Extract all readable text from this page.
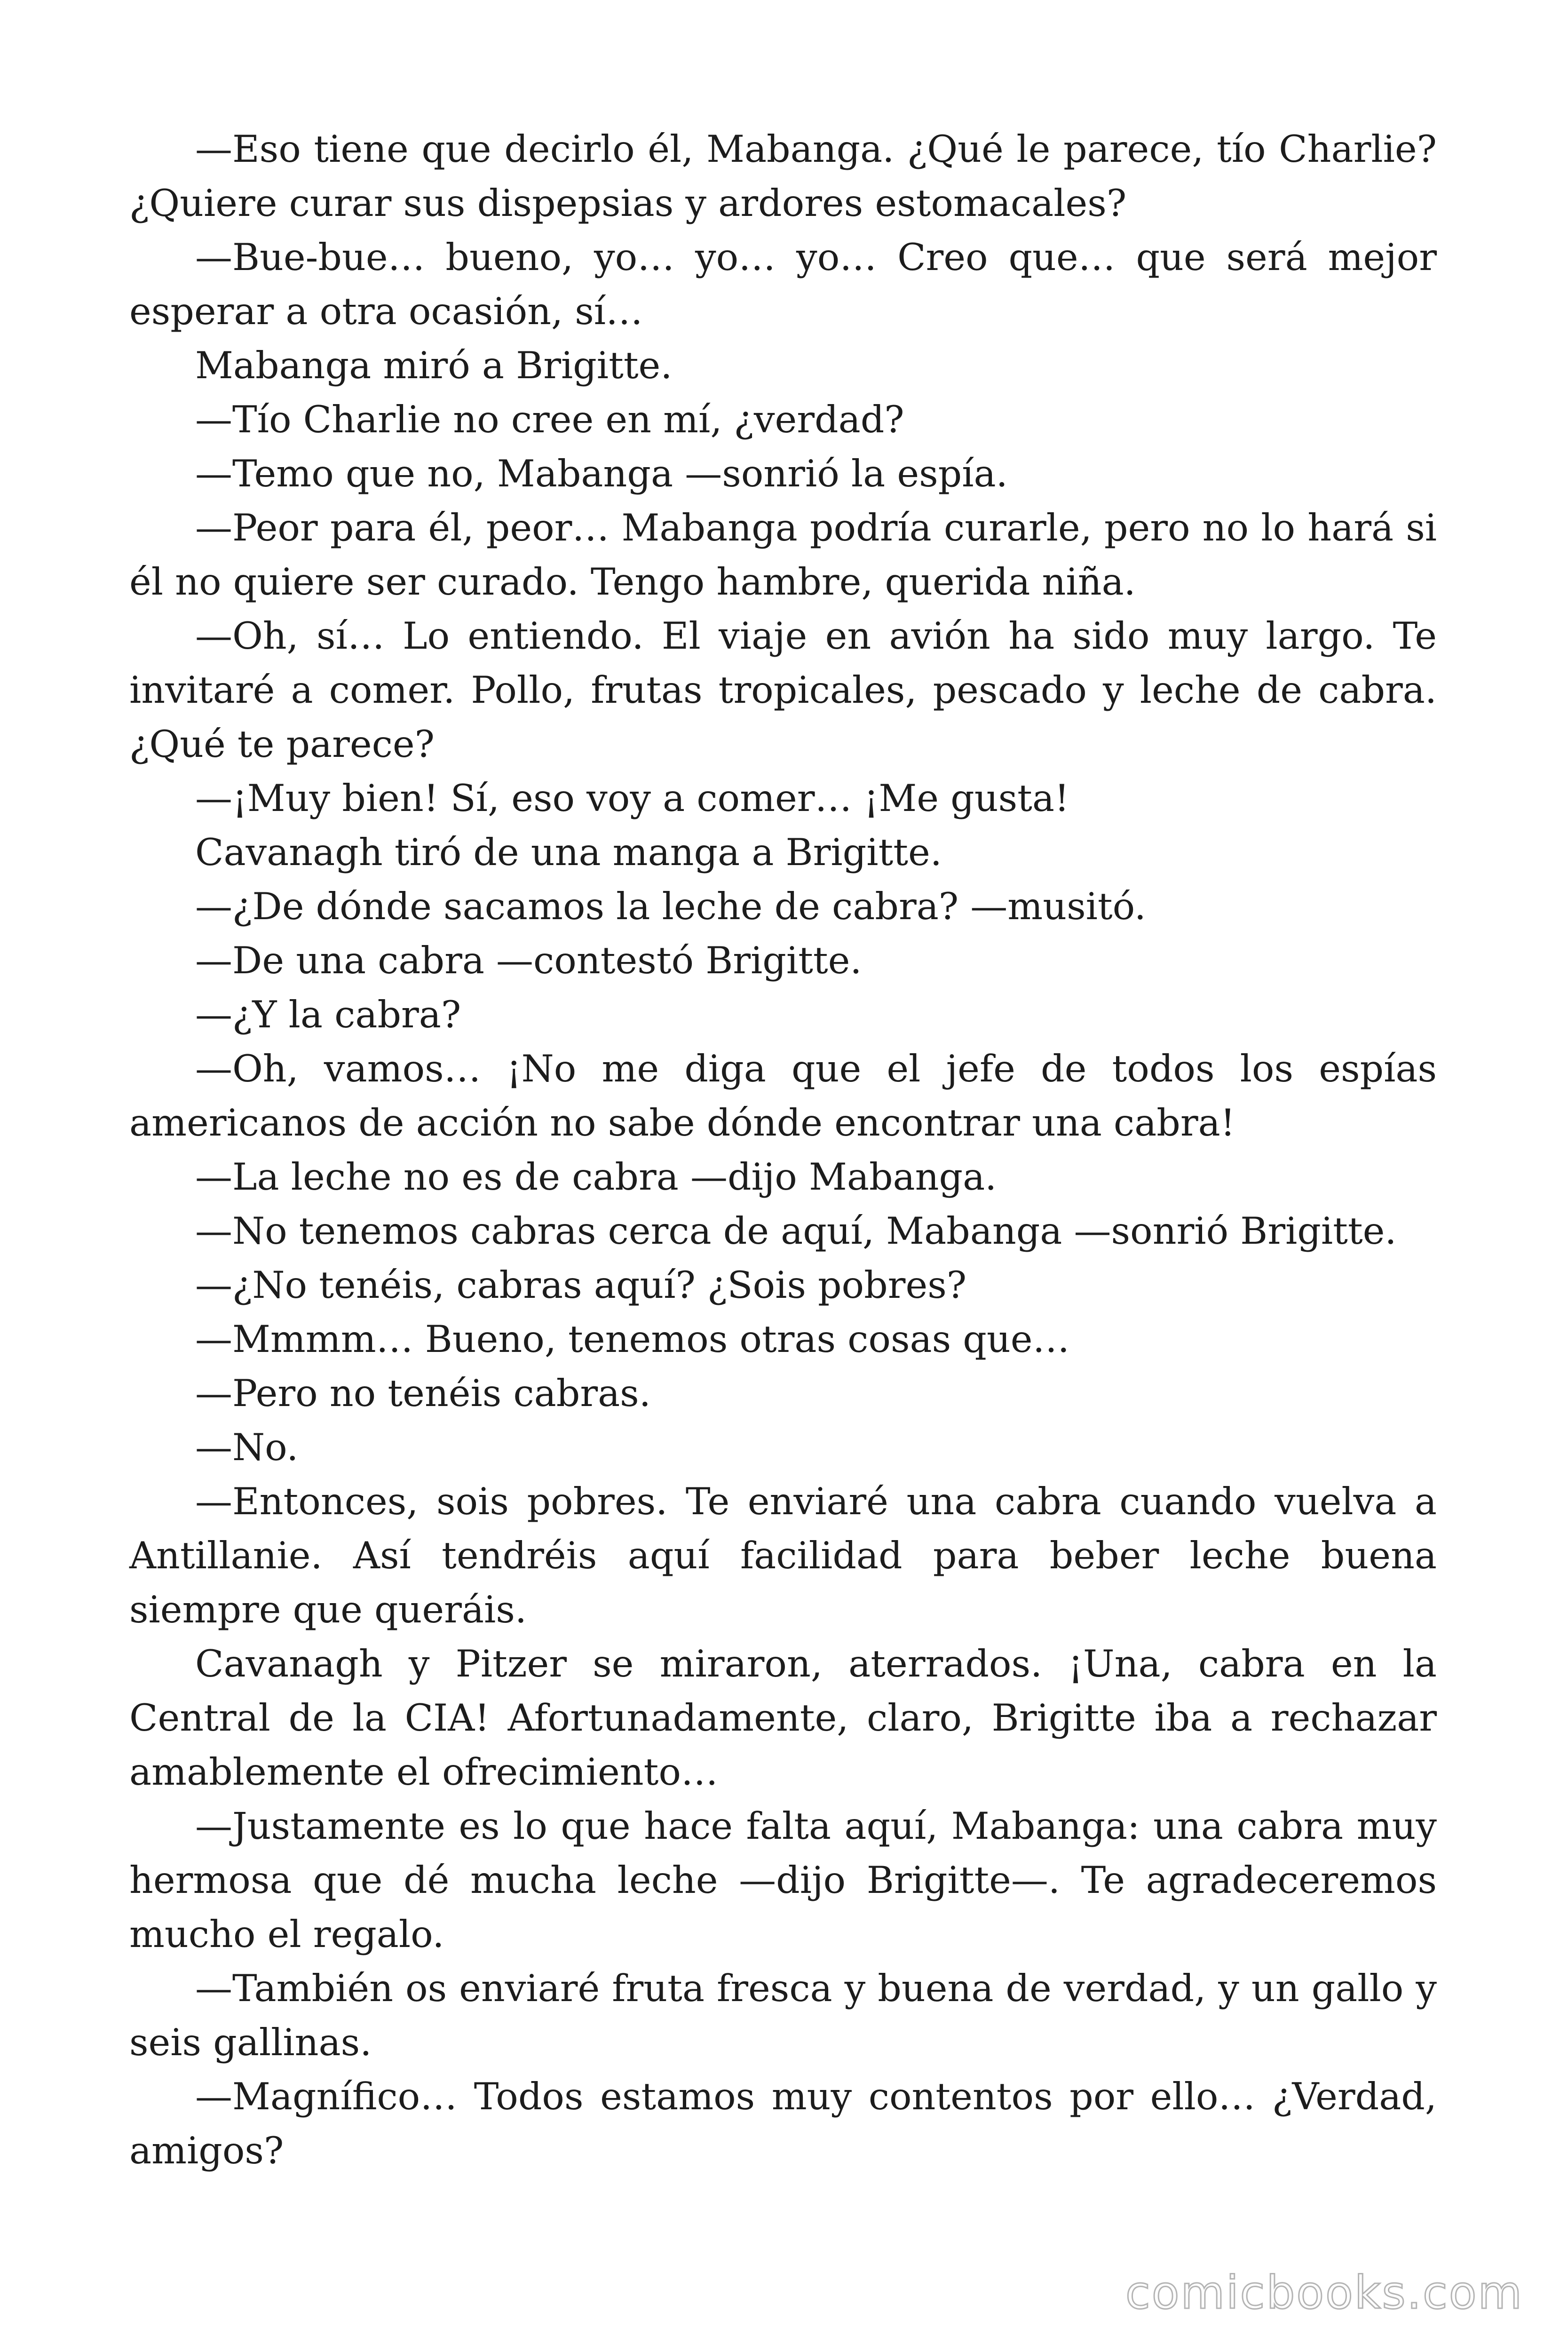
—Eso tiene que decirlo él, Mabanga. ¿Qué le parece, tío Charlie? ¿Quiere curar sus dispepsias y ardores estomacales?

—Bue-bue… bueno, yo… yo… yo… Creo que… que será mejor esperar a otra ocasión, sí…

Mabanga miró a Brigitte.

—Tío Charlie no cree en mí, ¿verdad?

—Temo que no, Mabanga —sonrió la espía.

—Peor para él, peor… Mabanga podría curarle, pero no lo hará si él no quiere ser curado. Tengo hambre, querida niña.

—Oh, sí… Lo entiendo. El viaje en avión ha sido muy largo. Te invitaré a comer. Pollo, frutas tropicales, pescado y leche de cabra. ¿Qué te parece?

—¡Muy bien! Sí, eso voy a comer… ¡Me gusta!

Cavanagh tiró de una manga a Brigitte.

—¿De dónde sacamos la leche de cabra? —musitó.

—De una cabra —contestó Brigitte.

—¿Y la cabra?

—Oh, vamos… ¡No me diga que el jefe de todos los espías americanos de acción no sabe dónde encontrar una cabra!

—La leche no es de cabra —dijo Mabanga.

—No tenemos cabras cerca de aquí, Mabanga —sonrió Brigitte.

—¿No tenéis, cabras aquí? ¿Sois pobres?

—Mmmm… Bueno, tenemos otras cosas que…

—Pero no tenéis cabras.

—No.

—Entonces, sois pobres. Te enviaré una cabra cuando vuelva a Antillanie. Así tendréis aquí facilidad para beber leche buena siempre que queráis.

Cavanagh y Pitzer se miraron, aterrados. ¡Una, cabra en la Central de la CIA! Afortunadamente, claro, Brigitte iba a rechazar amablemente el ofrecimiento…

—Justamente es lo que hace falta aquí, Mabanga: una cabra muy hermosa que dé mucha leche —dijo Brigitte—. Te agradeceremos mucho el regalo.

—También os enviaré fruta fresca y buena de verdad, y un gallo y seis gallinas.

—Magnífico… Todos estamos muy contentos por ello… ¿Verdad, amigos?

comicbooks.com
